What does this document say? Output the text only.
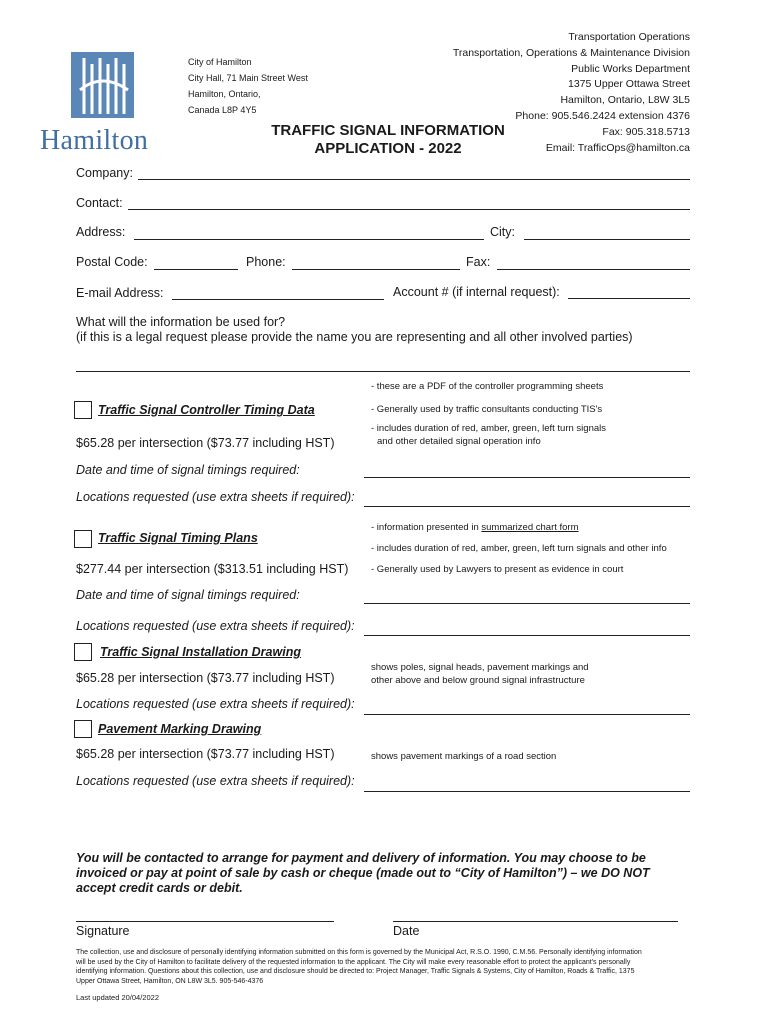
Hamilton
City of Hamilton
City Hall, 71 Main Street West
Hamilton, Ontario,
Canada L8P 4Y5
Transportation Operations
Transportation, Operations & Maintenance Division
Public Works Department
1375 Upper Ottawa Street
Hamilton, Ontario, L8W 3L5
Phone: 905.546.2424 extension 4376
Fax: 905.318.5713
Email: TrafficOps@hamilton.ca
TRAFFIC SIGNAL INFORMATION
APPLICATION - 2022
Company:
Contact:
Address:	City:
Postal Code:	Phone:	Fax:
E-mail Address:	Account # (if internal request):
What will the information be used for?
(if this is a legal request please provide the name you are representing and all other involved parties)
- these are a PDF of the controller programming sheets
Traffic Signal Controller Timing Data	- Generally used by traffic consultants conducting TIS's
- includes duration of red, amber, green, left turn signals
and other detailed signal operation info
$65.28 per intersection ($73.77 including HST)
Date and time of signal timings required:
Locations requested (use extra sheets if required):
- information presented in summarized chart form
Traffic Signal Timing Plans
- includes duration of red, amber, green, left turn signals and other info
$277.44 per intersection ($313.51 including HST) - Generally used by Lawyers to present as evidence in court
Date and time of signal timings required:
Locations requested (use extra sheets if required):
Traffic Signal Installation Drawing
shows poles, signal heads, pavement markings and
other above and below ground signal infrastructure
$65.28 per intersection ($73.77 including HST)
Locations requested (use extra sheets if required):
Pavement Marking Drawing
$65.28 per intersection ($73.77 including HST)	shows pavement markings of a road section
Locations requested (use extra sheets if required):
You will be contacted to arrange for payment and delivery of information. You may choose to be
invoiced or pay at point of sale by cash or cheque (made out to “City of Hamilton”) – we DO NOT
accept credit cards or debit.
Signature	Date
The collection, use and disclosure of personally identifying information submitted on this form is governed by the Municipal Act, R.S.O. 1990, C.M.56. Personally identifying information
will be used by the City of Hamilton to facilitate delivery of the requested information to the applicant. The City will make every reasonable effort to protect the applicant's personally
identifying information. Questions about this collection, use and disclosure should be directed to: Project Manager, Traffic Signals & Systems, City of Hamilton, Roads & Traffic, 1375
Upper Ottawa Street, Hamilton, ON L8W 3L5. 905-546-4376
Last updated 20/04/2022
